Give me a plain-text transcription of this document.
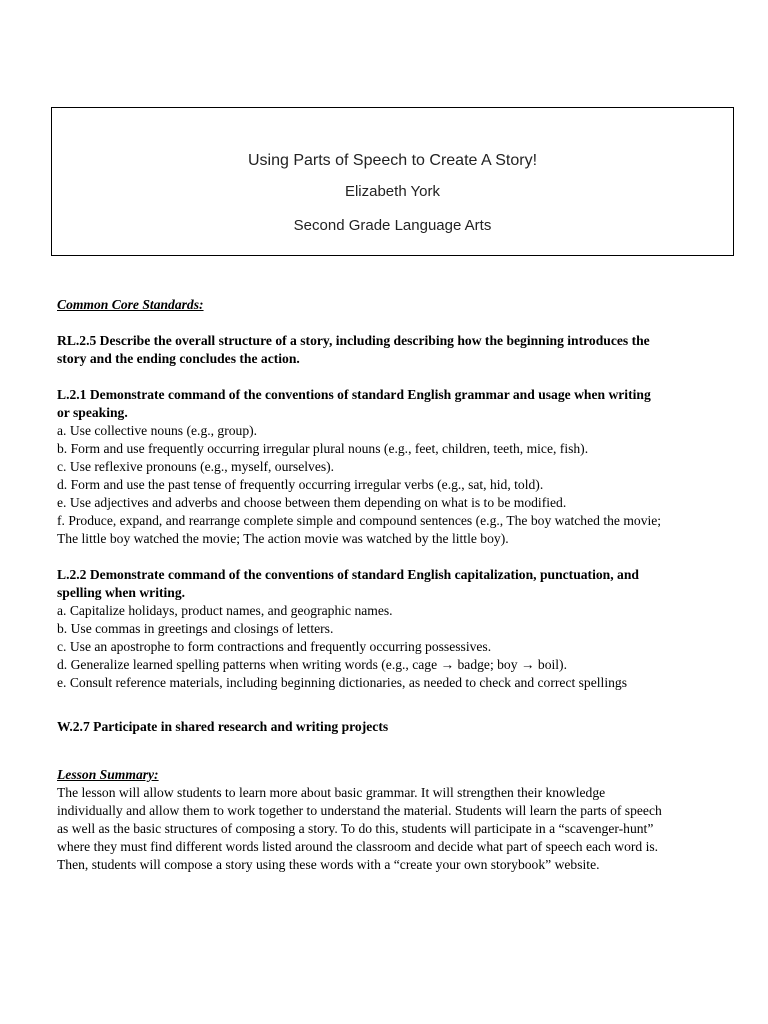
Using Parts of Speech to Create A Story!
Elizabeth York
Second Grade Language Arts

Common Core Standards:

RL.2.5 Describe the overall structure of a story, including describing how the beginning introduces the

story and the ending concludes the action.

L.2.1 Demonstrate command of the conventions of standard English grammar and usage when writing

or speaking.

a. Use collective nouns (e.g., group).

b. Form and use frequently occurring irregular plural nouns (e.g., feet, children, teeth, mice, fish).

c. Use reflexive pronouns (e.g., myself, ourselves).

d. Form and use the past tense of frequently occurring irregular verbs (e.g., sat, hid, told).

e. Use adjectives and adverbs and choose between them depending on what is to be modified.

f. Produce, expand, and rearrange complete simple and compound sentences (e.g., The boy watched the movie;

The little boy watched the movie; The action movie was watched by the little boy).

L.2.2 Demonstrate command of the conventions of standard English capitalization, punctuation, and

spelling when writing.

a. Capitalize holidays, product names, and geographic names.

b. Use commas in greetings and closings of letters.

c. Use an apostrophe to form contractions and frequently occurring possessives.

d. Generalize learned spelling patterns when writing words (e.g., cage → badge; boy → boil).

e. Consult reference materials, including beginning dictionaries, as needed to check and correct spellings

W.2.7 Participate in shared research and writing projects

Lesson Summary:

The lesson will allow students to learn more about basic grammar. It will strengthen their knowledge

individually and allow them to work together to understand the material. Students will learn the parts of speech

as well as the basic structures of composing a story. To do this, students will participate in a “scavenger-hunt”

where they must find different words listed around the classroom and decide what part of speech each word is.

Then, students will compose a story using these words with a “create your own storybook” website.
